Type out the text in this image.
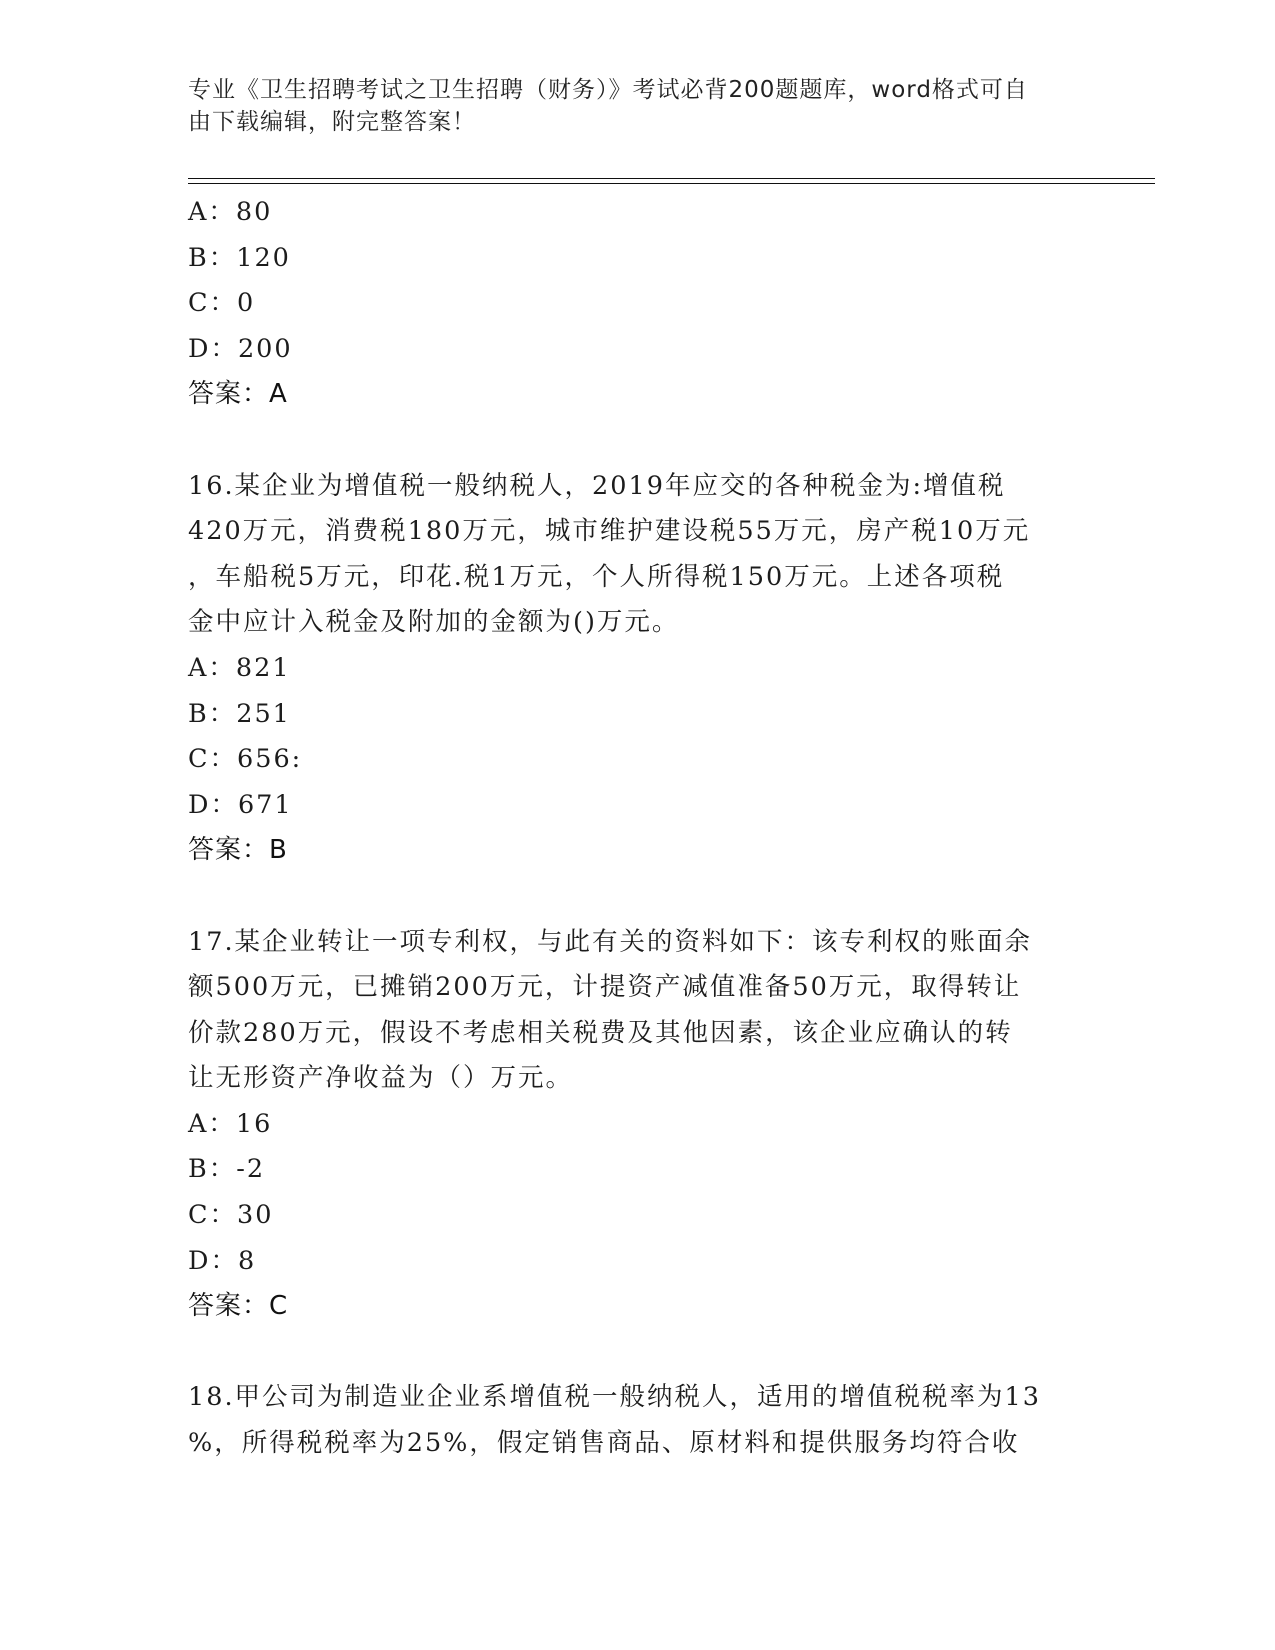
专业《卫生招聘考试之卫生招聘（财务）》考试必背200题题库，word格式可自
由下载编辑，附完整答案！
A：80
B：120
C：0
D：200
答案：A
16.某企业为增值税一般纳税人，2019年应交的各种税金为:增值税
420万元，消费税180万元，城市维护建设税55万元，房产税10万元
，车船税5万元，印花.税1万元，个人所得税150万元。上述各项税
金中应计入税金及附加的金额为()万元。
A：821
B：251
C：656:
D：671
答案：B
17.某企业转让一项专利权，与此有关的资料如下：该专利权的账面余
额500万元，已摊销200万元，计提资产减值准备50万元，取得转让
价款280万元，假设不考虑相关税费及其他因素，该企业应确认的转
让无形资产净收益为（）万元。
A：16
B：-2
C：30
D：8
答案：C
18.甲公司为制造业企业系增值税一般纳税人，适用的增值税税率为13
%，所得税税率为25%，假定销售商品、原材料和提供服务均符合收
